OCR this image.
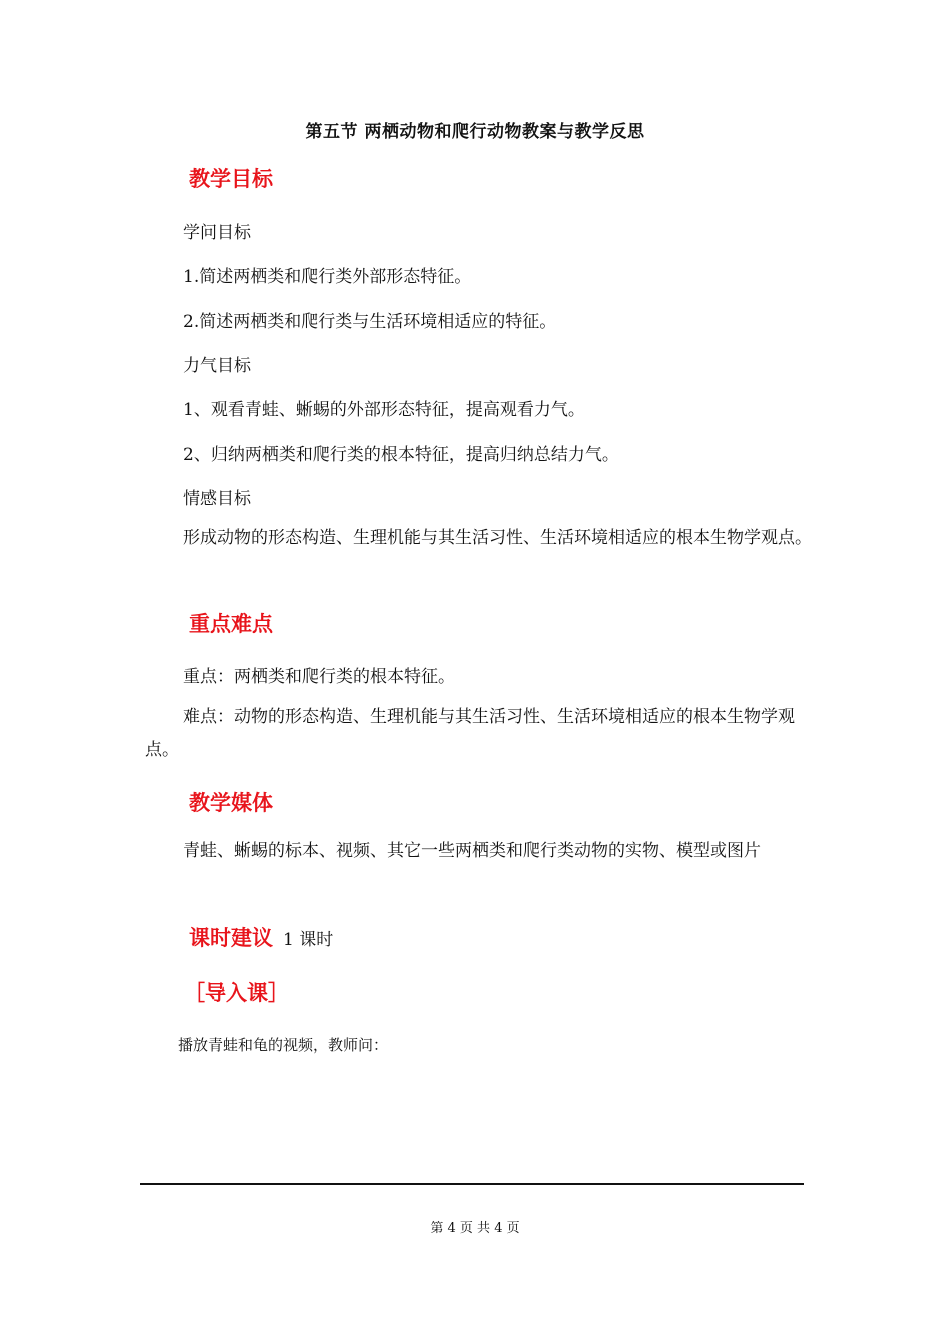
第五节 两栖动物和爬行动物教案与教学反思
教学目标
学问目标
1.简述两栖类和爬行类外部形态特征。
2.简述两栖类和爬行类与生活环境相适应的特征。
力气目标
1、观看青蛙、蜥蜴的外部形态特征，提高观看力气。
2、归纳两栖类和爬行类的根本特征，提高归纳总结力气。
情感目标
形成动物的形态构造、生理机能与其生活习性、生活环境相适应的根本生物学观点。
重点难点
重点：两栖类和爬行类的根本特征。
难点：动物的形态构造、生理机能与其生活习性、生活环境相适应的根本生物学观点。
教学媒体
青蛙、蜥蜴的标本、视频、其它一些两栖类和爬行类动物的实物、模型或图片
课时建议 1 课时
［导入课］
播放青蛙和龟的视频，教师问：
第 4 页 共 4 页
